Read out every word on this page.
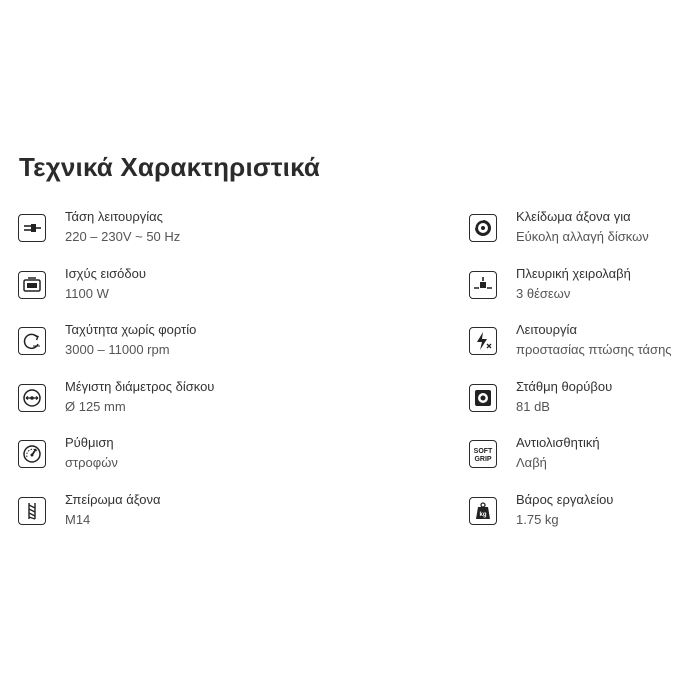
Τεχνικά Χαρακτηριστικά
Τάση λειτουργίας
220 – 230V ~ 50 Hz
Ισχύς εισόδου
1100 W
Ταχύτητα χωρίς φορτίο
3000 – 11000 rpm
Μέγιστη διάμετρος δίσκου
Ø 125 mm
Ρύθμιση
στροφών
Σπείρωμα άξονα
M14
Κλείδωμα άξονα για
Εύκολη αλλαγή δίσκων
Πλευρική χειρολαβή
3 θέσεων
Λειτουργία
προστασίας πτώσης τάσης
Στάθμη θορύβου
81 dB
SOFT
GRIP
Αντιολισθητική
Λαβή
kg
Βάρος εργαλείου
1.75 kg
